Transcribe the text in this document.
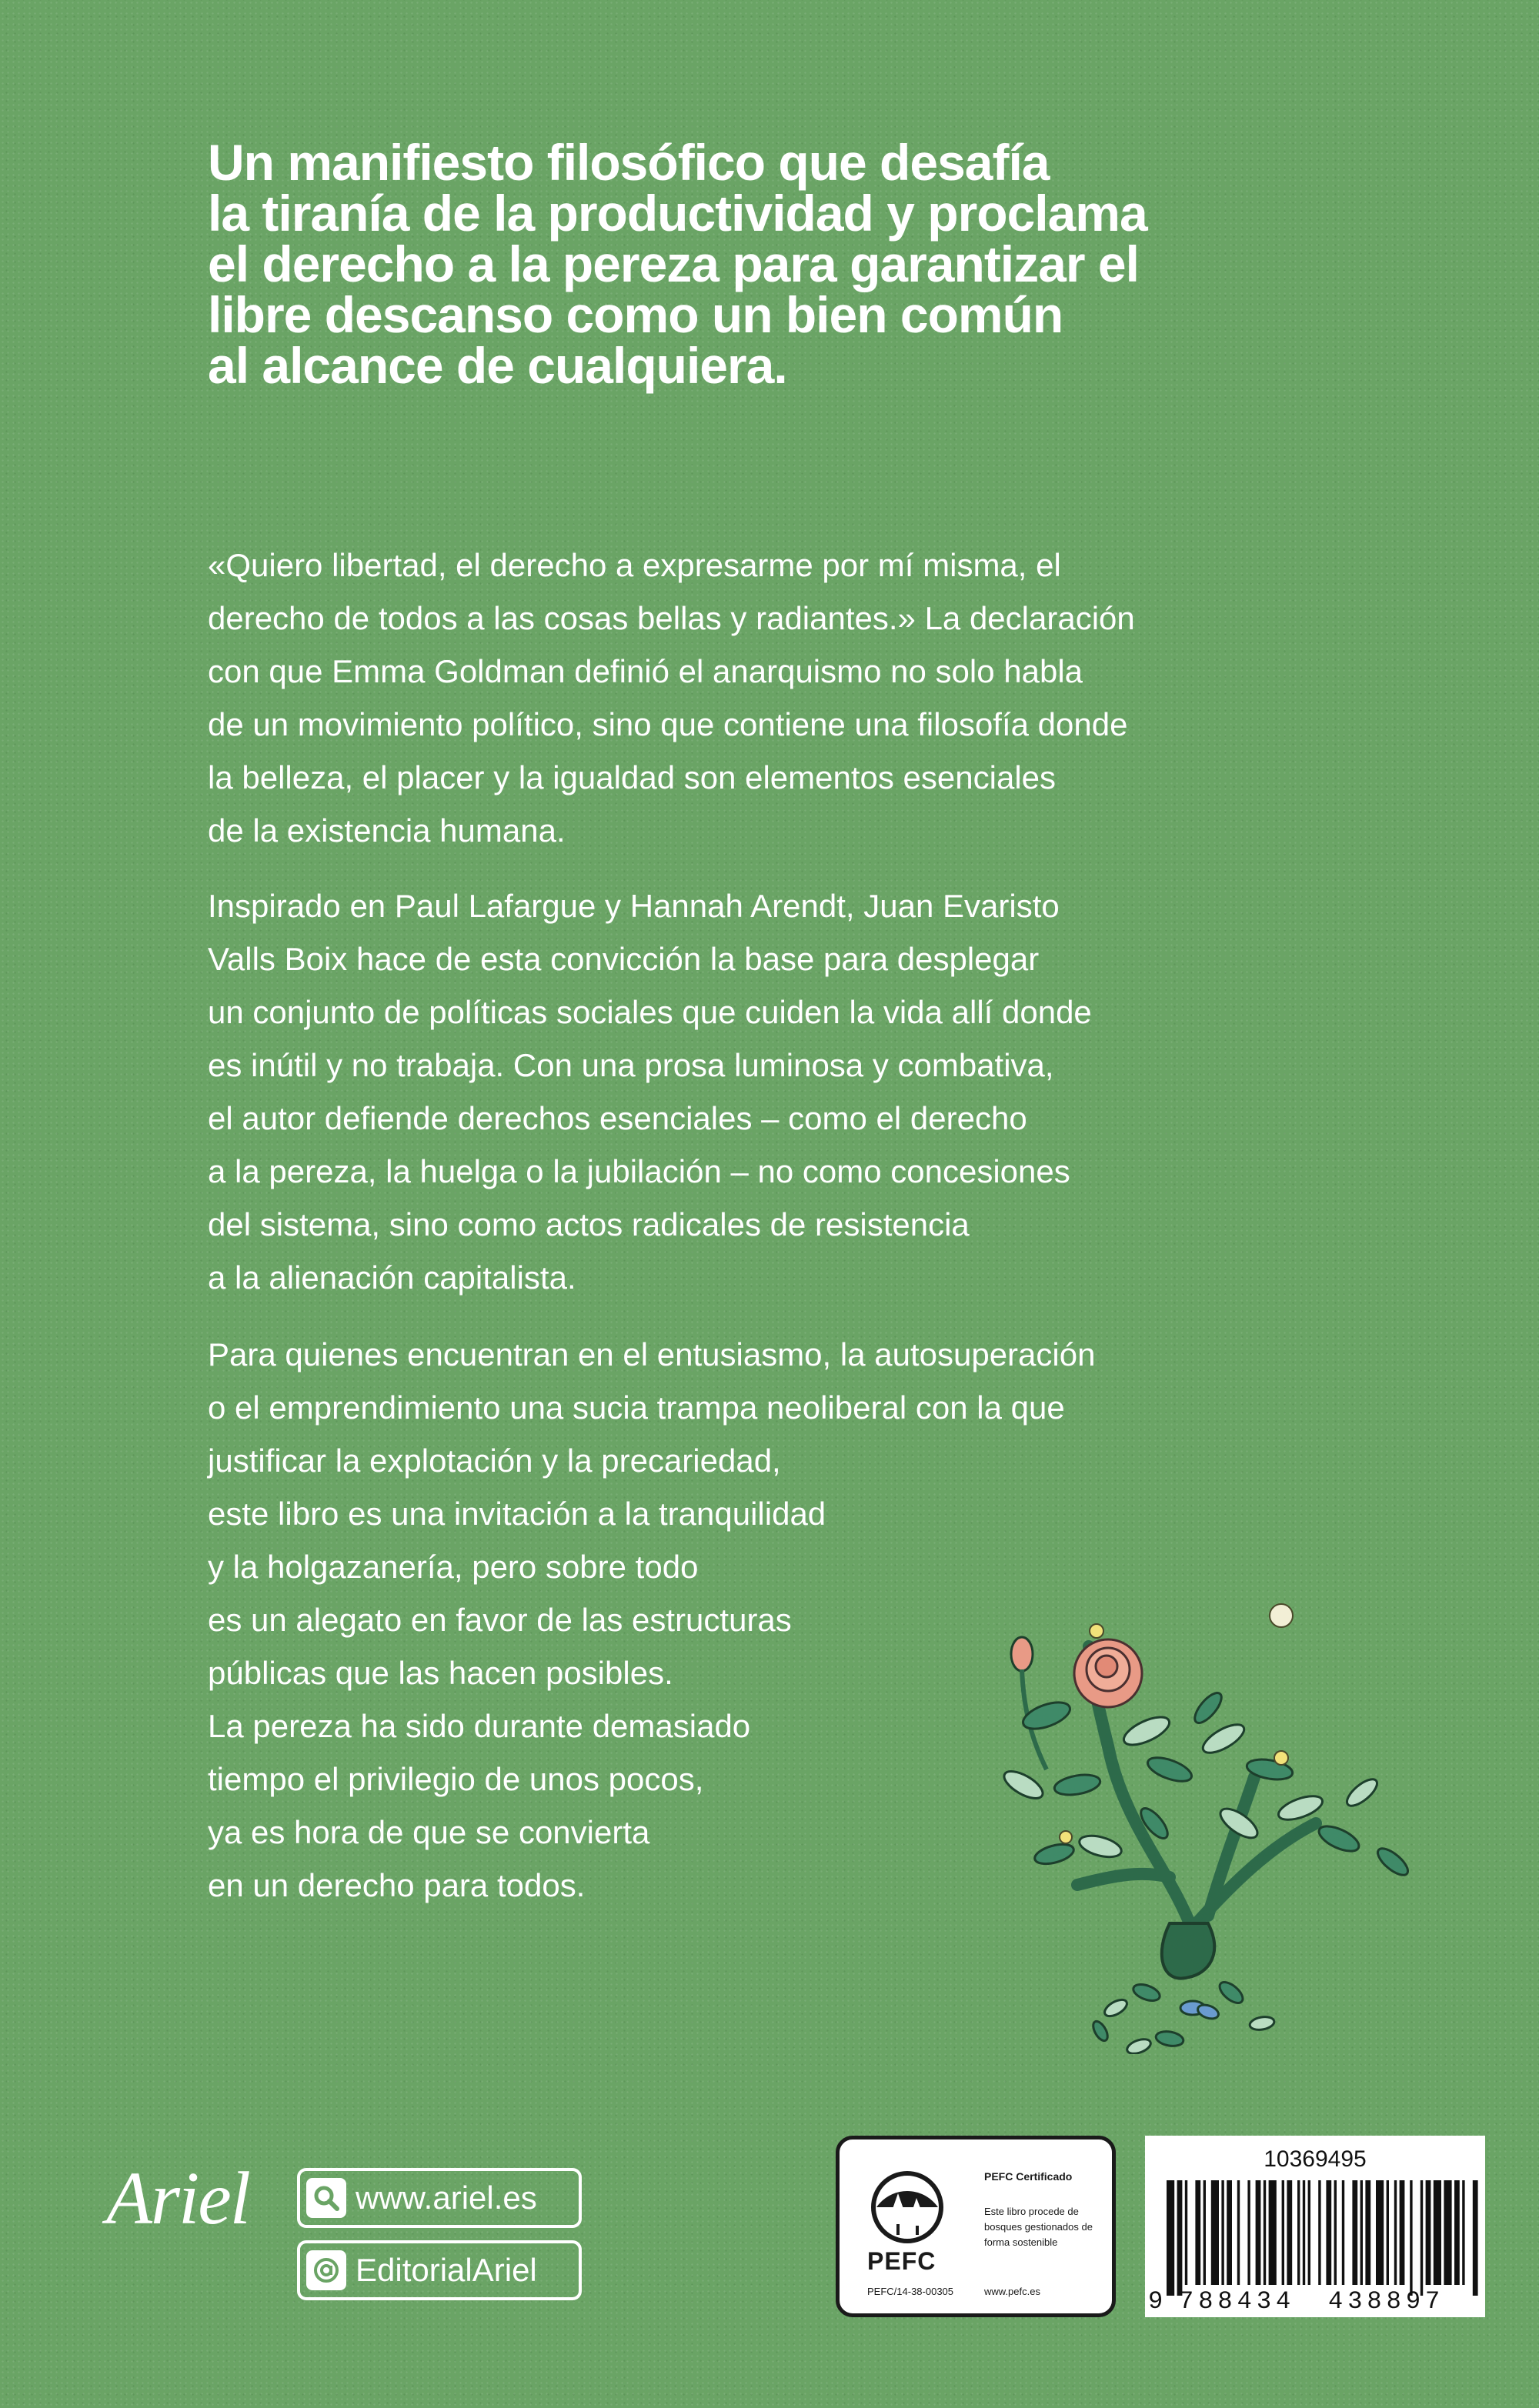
Un manifiesto filosófico que desafía
la tiranía de la productividad y proclama
el derecho a la pereza para garantizar el
libre descanso como un bien común
al alcance de cualquiera.

«Quiero libertad, el derecho a expresarme por mí misma, el
derecho de todos a las cosas bellas y radiantes.» La declaración
con que Emma Goldman definió el anarquismo no solo habla
de un movimiento político, sino que contiene una filosofía donde
la belleza, el placer y la igualdad son elementos esenciales
de la existencia humana.

Inspirado en Paul Lafargue y Hannah Arendt, Juan Evaristo
Valls Boix hace de esta convicción la base para desplegar
un conjunto de políticas sociales que cuiden la vida allí donde
es inútil y no trabaja. Con una prosa luminosa y combativa,
el autor defiende derechos esenciales – como el derecho
a la pereza, la huelga o la jubilación – no como concesiones
del sistema, sino como actos radicales de resistencia
a la alienación capitalista.

Para quienes encuentran en el entusiasmo, la autosuperación
o el emprendimiento una sucia trampa neoliberal con la que
justificar la explotación y la precariedad,
este libro es una invitación a la tranquilidad
y la holgazanería, pero sobre todo
es un alegato en favor de las estructuras
públicas que las hacen posibles.
La pereza ha sido durante demasiado
tiempo el privilegio de unos pocos,
ya es hora de que se convierta
en un derecho para todos.

Ariel	www.ariel.es
EditorialAriel	PEFC
PEFC Certificado
Este libro procede de bosques gestionados de forma sostenible
PEFC/14-38-00305	www.pefc.es
10369495
9 788434 438897
